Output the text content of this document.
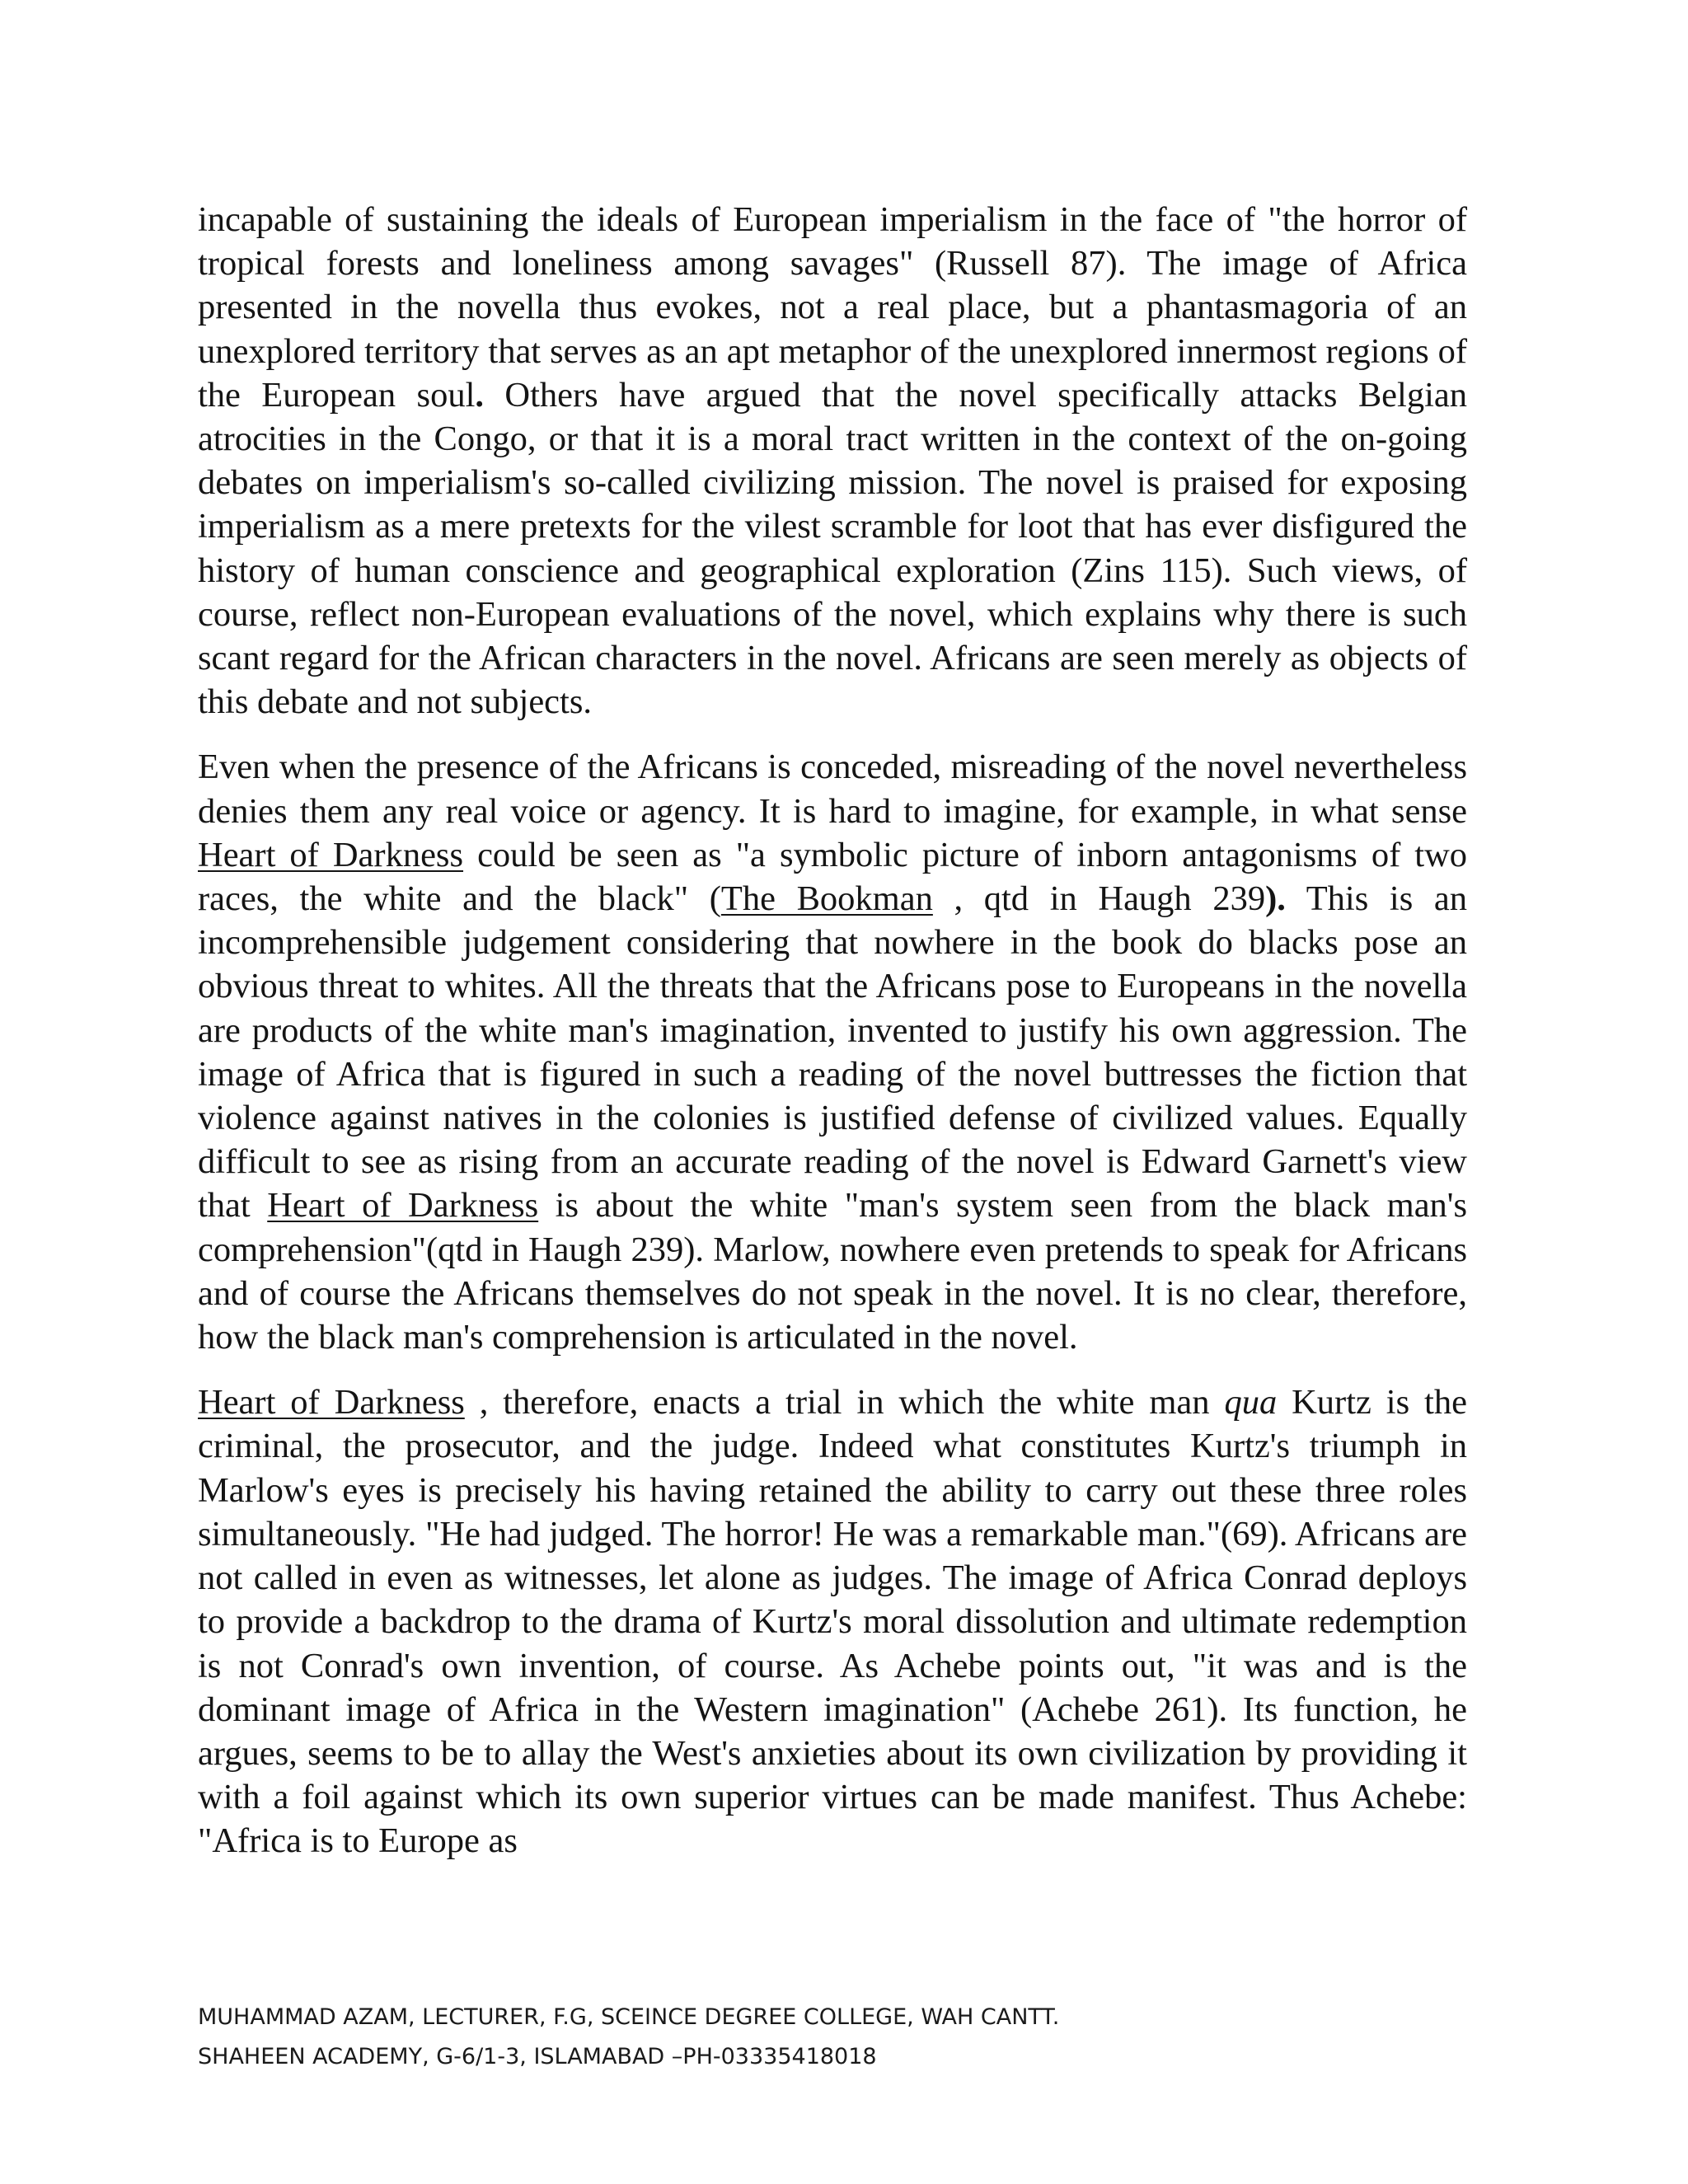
incapable of sustaining the ideals of European imperialism in the face of "the horror of tropical forests and loneliness among savages" (Russell 87). The image of Africa presented in the novella thus evokes, not a real place, but a phantasmagoria of an unexplored territory that serves as an apt metaphor of the unexplored innermost regions of the European soul. Others have argued that the novel specifically attacks Belgian atrocities in the Congo, or that it is a moral tract written in the context of the on-going debates on imperialism's so-called civilizing mission. The novel is praised for exposing imperialism as a mere pretexts for the vilest scramble for loot that has ever disfigured the history of human conscience and geographical exploration (Zins 115). Such views, of course, reflect non-European evaluations of the novel, which explains why there is such scant regard for the African characters in the novel. Africans are seen merely as objects of this debate and not subjects.

Even when the presence of the Africans is conceded, misreading of the novel nevertheless denies them any real voice or agency. It is hard to imagine, for example, in what sense Heart of Darkness could be seen as "a symbolic picture of inborn antagonisms of two races, the white and the black" (The Bookman , qtd in Haugh 239). This is an incomprehensible judgement considering that nowhere in the book do blacks pose an obvious threat to whites. All the threats that the Africans pose to Europeans in the novella are products of the white man's imagination, invented to justify his own aggression. The image of Africa that is figured in such a reading of the novel buttresses the fiction that violence against natives in the colonies is justified defense of civilized values. Equally difficult to see as rising from an accurate reading of the novel is Edward Garnett's view that Heart of Darkness is about the white "man's system seen from the black man's comprehension"(qtd in Haugh 239). Marlow, nowhere even pretends to speak for Africans and of course the Africans themselves do not speak in the novel. It is no clear, therefore, how the black man's comprehension is articulated in the novel.

Heart of Darkness , therefore, enacts a trial in which the white man qua Kurtz is the criminal, the prosecutor, and the judge. Indeed what constitutes Kurtz's triumph in Marlow's eyes is precisely his having retained the ability to carry out these three roles simultaneously. "He had judged. The horror! He was a remarkable man."(69). Africans are not called in even as witnesses, let alone as judges. The image of Africa Conrad deploys to provide a backdrop to the drama of Kurtz's moral dissolution and ultimate redemption is not Conrad's own invention, of course. As Achebe points out, "it was and is the dominant image of Africa in the Western imagination" (Achebe 261). Its function, he argues, seems to be to allay the West's anxieties about its own civilization by providing it with a foil against which its own superior virtues can be made manifest. Thus Achebe: "Africa is to Europe as

MUHAMMAD AZAM, LECTURER, F.G, SCEINCE DEGREE COLLEGE, WAH CANTT.
SHAHEEN ACADEMY, G-6/1-3, ISLAMABAD –PH-03335418018
